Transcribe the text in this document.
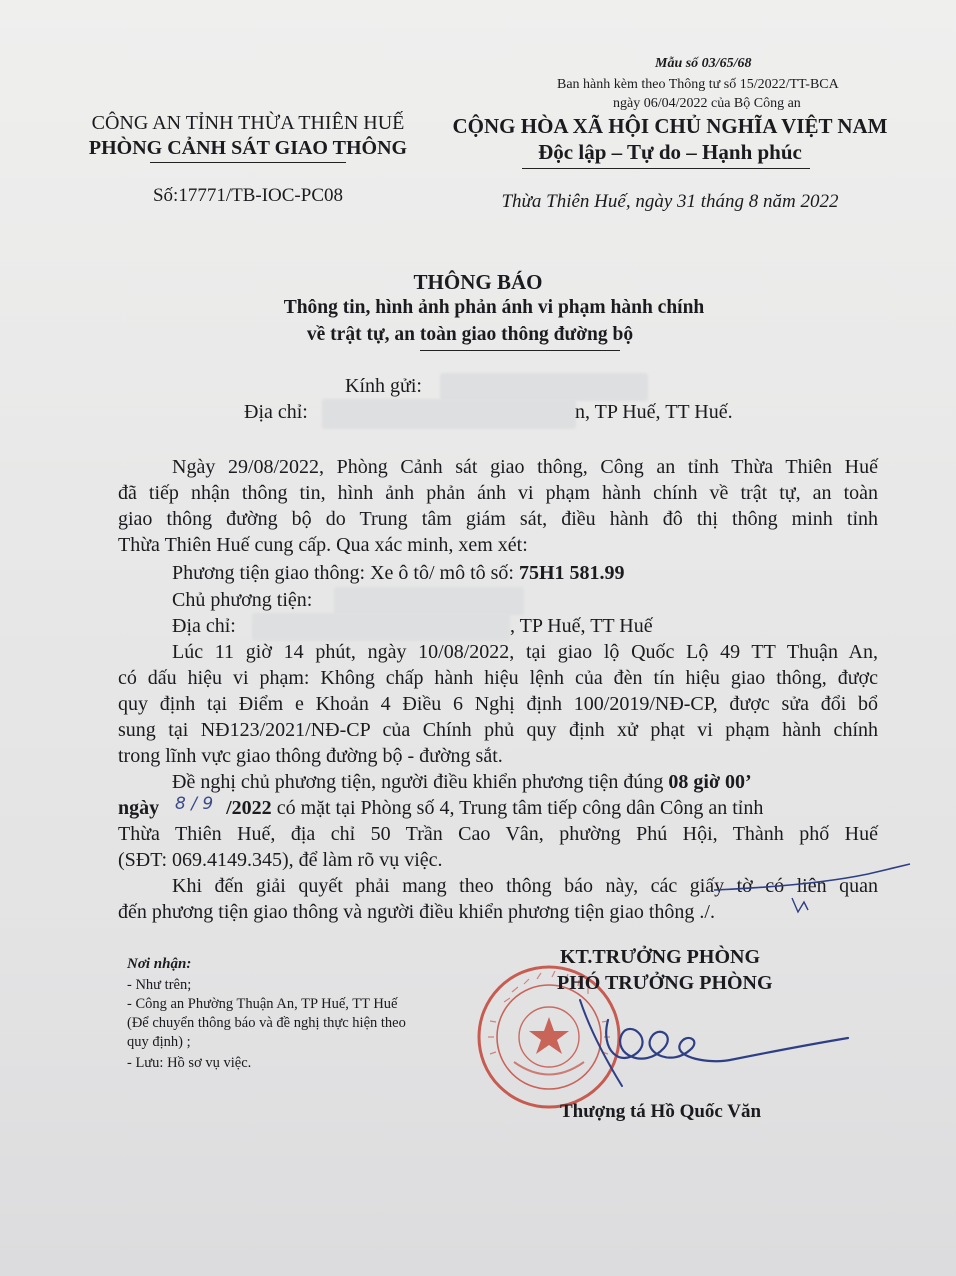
Mẫu số 03/65/68
Ban hành kèm theo Thông tư số 15/2022/TT-BCA
ngày 06/04/2022 của Bộ Công an
CÔNG AN TỈNH THỪA THIÊN HUẾ
PHÒNG CẢNH SÁT GIAO THÔNG
Số:17771/TB-IOC-PC08
CỘNG HÒA XÃ HỘI CHỦ NGHĨA VIỆT NAM
Độc lập – Tự do – Hạnh phúc
Thừa Thiên Huế, ngày 31 tháng 8 năm 2022
THÔNG BÁO
Thông tin, hình ảnh phản ánh vi phạm hành chính
về trật tự, an toàn giao thông đường bộ
Kính gửi:
Địa chỉ:	n, TP Huế, TT Huế.
Ngày 29/08/2022, Phòng Cảnh sát giao thông, Công an tỉnh Thừa Thiên Huế
đã tiếp nhận thông tin, hình ảnh phản ánh vi phạm hành chính về trật tự, an toàn
giao thông đường bộ do Trung tâm giám sát, điều hành đô thị thông minh tỉnh
Thừa Thiên Huế cung cấp. Qua xác minh, xem xét:
Phương tiện giao thông: Xe ô tô/ mô tô số: 75H1 581.99
Chủ phương tiện:
Địa chỉ:	, TP Huế, TT Huế
Lúc 11 giờ 14 phút, ngày 10/08/2022, tại giao lộ Quốc Lộ 49 TT Thuận An,
có dấu hiệu vi phạm: Không chấp hành hiệu lệnh của đèn tín hiệu giao thông, được
quy định tại Điểm e Khoản 4 Điều 6 Nghị định 100/2019/NĐ-CP, được sửa đổi bổ
sung tại NĐ123/2021/NĐ-CP của Chính phủ quy định xử phạt vi phạm hành chính
trong lĩnh vực giao thông đường bộ - đường sắt.
Đề nghị chủ phương tiện, người điều khiển phương tiện đúng 08 giờ 00’
ngày	/2022 có mặt tại Phòng số 4, Trung tâm tiếp công dân Công an tỉnh
8 / 9
Thừa Thiên Huế, địa chỉ 50 Trần Cao Vân, phường Phú Hội, Thành phố Huế
(SĐT: 069.4149.345), để làm rõ vụ việc.
Khi đến giải quyết phải mang theo thông báo này, các giấy tờ có liên quan
đến phương tiện giao thông và người điều khiển phương tiện giao thông ./.
Nơi nhận:
- Như trên;
- Công an Phường Thuận An, TP Huế, TT Huế
(Để chuyển thông báo và đề nghị thực hiện theo
quy định) ;
- Lưu: Hồ sơ vụ việc.
KT.TRƯỞNG PHÒNG
PHÓ TRƯỞNG PHÒNG
Thượng tá Hồ Quốc Văn
